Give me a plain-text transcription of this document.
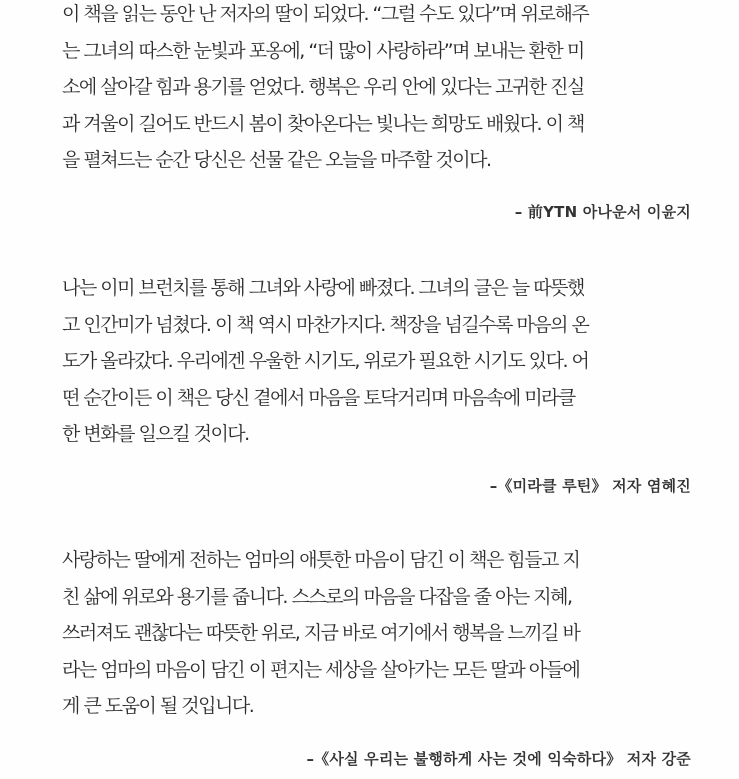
이 책을 읽는 동안 난 저자의 딸이 되었다. “그럴 수도 있다”며 위로해주
는 그녀의 따스한 눈빛과 포옹에, “더 많이 사랑하라”며 보내는 환한 미
소에 살아갈 힘과 용기를 얻었다. 행복은 우리 안에 있다는 고귀한 진실
과 겨울이 길어도 반드시 봄이 찾아온다는 빛나는 희망도 배웠다. 이 책
을 펼쳐드는 순간 당신은 선물 같은 오늘을 마주할 것이다.
– 前YTN 아나운서 이윤지
나는 이미 브런치를 통해 그녀와 사랑에 빠졌다. 그녀의 글은 늘 따뜻했
고 인간미가 넘쳤다. 이 책 역시 마찬가지다. 책장을 넘길수록 마음의 온
도가 올라갔다. 우리에겐 우울한 시기도, 위로가 필요한 시기도 있다. 어
떤 순간이든 이 책은 당신 곁에서 마음을 토닥거리며 마음속에 미라클
한 변화를 일으킬 것이다.
–《미라클 루틴》 저자 염혜진
사랑하는 딸에게 전하는 엄마의 애틋한 마음이 담긴 이 책은 힘들고 지
친 삶에 위로와 용기를 줍니다. 스스로의 마음을 다잡을 줄 아는 지혜,
쓰러져도 괜찮다는 따뜻한 위로, 지금 바로 여기에서 행복을 느끼길 바
라는 엄마의 마음이 담긴 이 편지는 세상을 살아가는 모든 딸과 아들에
게 큰 도움이 될 것입니다.
–《사실 우리는 불행하게 사는 것에 익숙하다》 저자 강준
